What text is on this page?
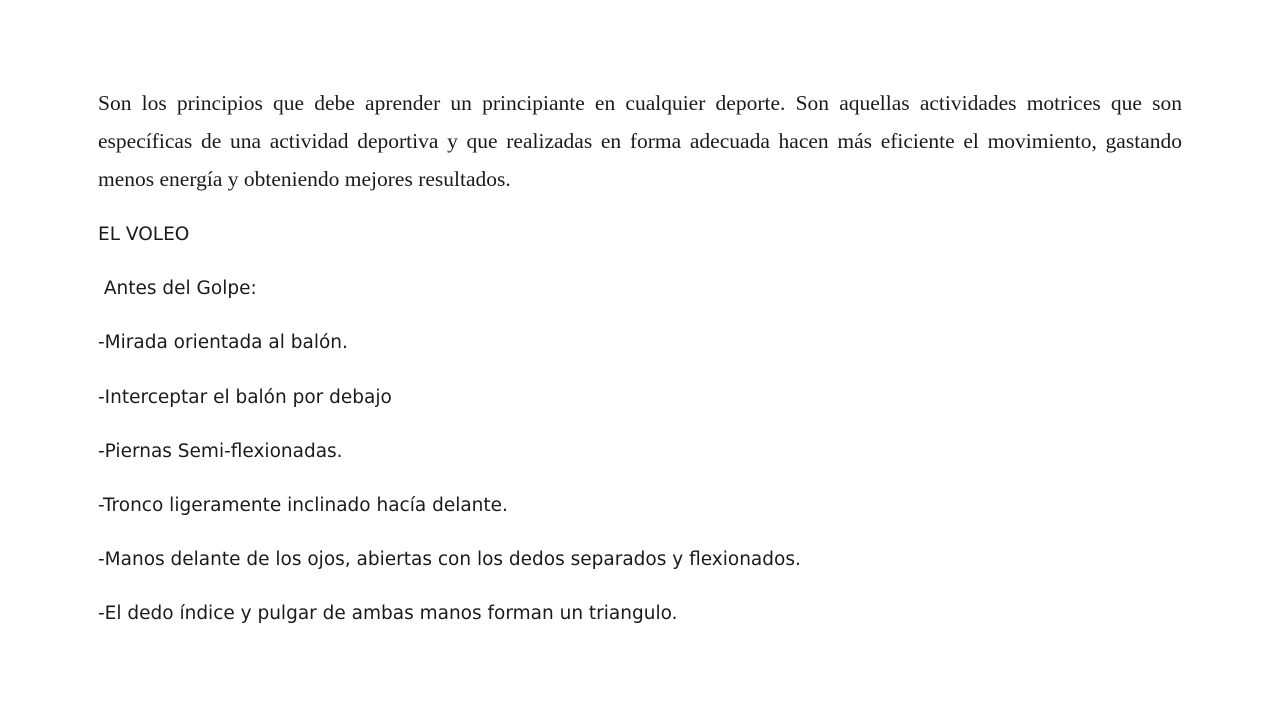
Son los principios que debe aprender un principiante en cualquier deporte. Son aquellas actividades motrices que son específicas de una actividad deportiva y que realizadas en forma adecuada hacen más eficiente el movimiento, gastando menos energía y obteniendo mejores resultados.

EL VOLEO
Antes del Golpe:
-Mirada orientada al balón.
-Interceptar el balón por debajo
-Piernas Semi-flexionadas.
-Tronco ligeramente inclinado hacía delante.
-Manos delante de los ojos, abiertas con los dedos separados y flexionados.
-El dedo índice y pulgar de ambas manos forman un triangulo.
